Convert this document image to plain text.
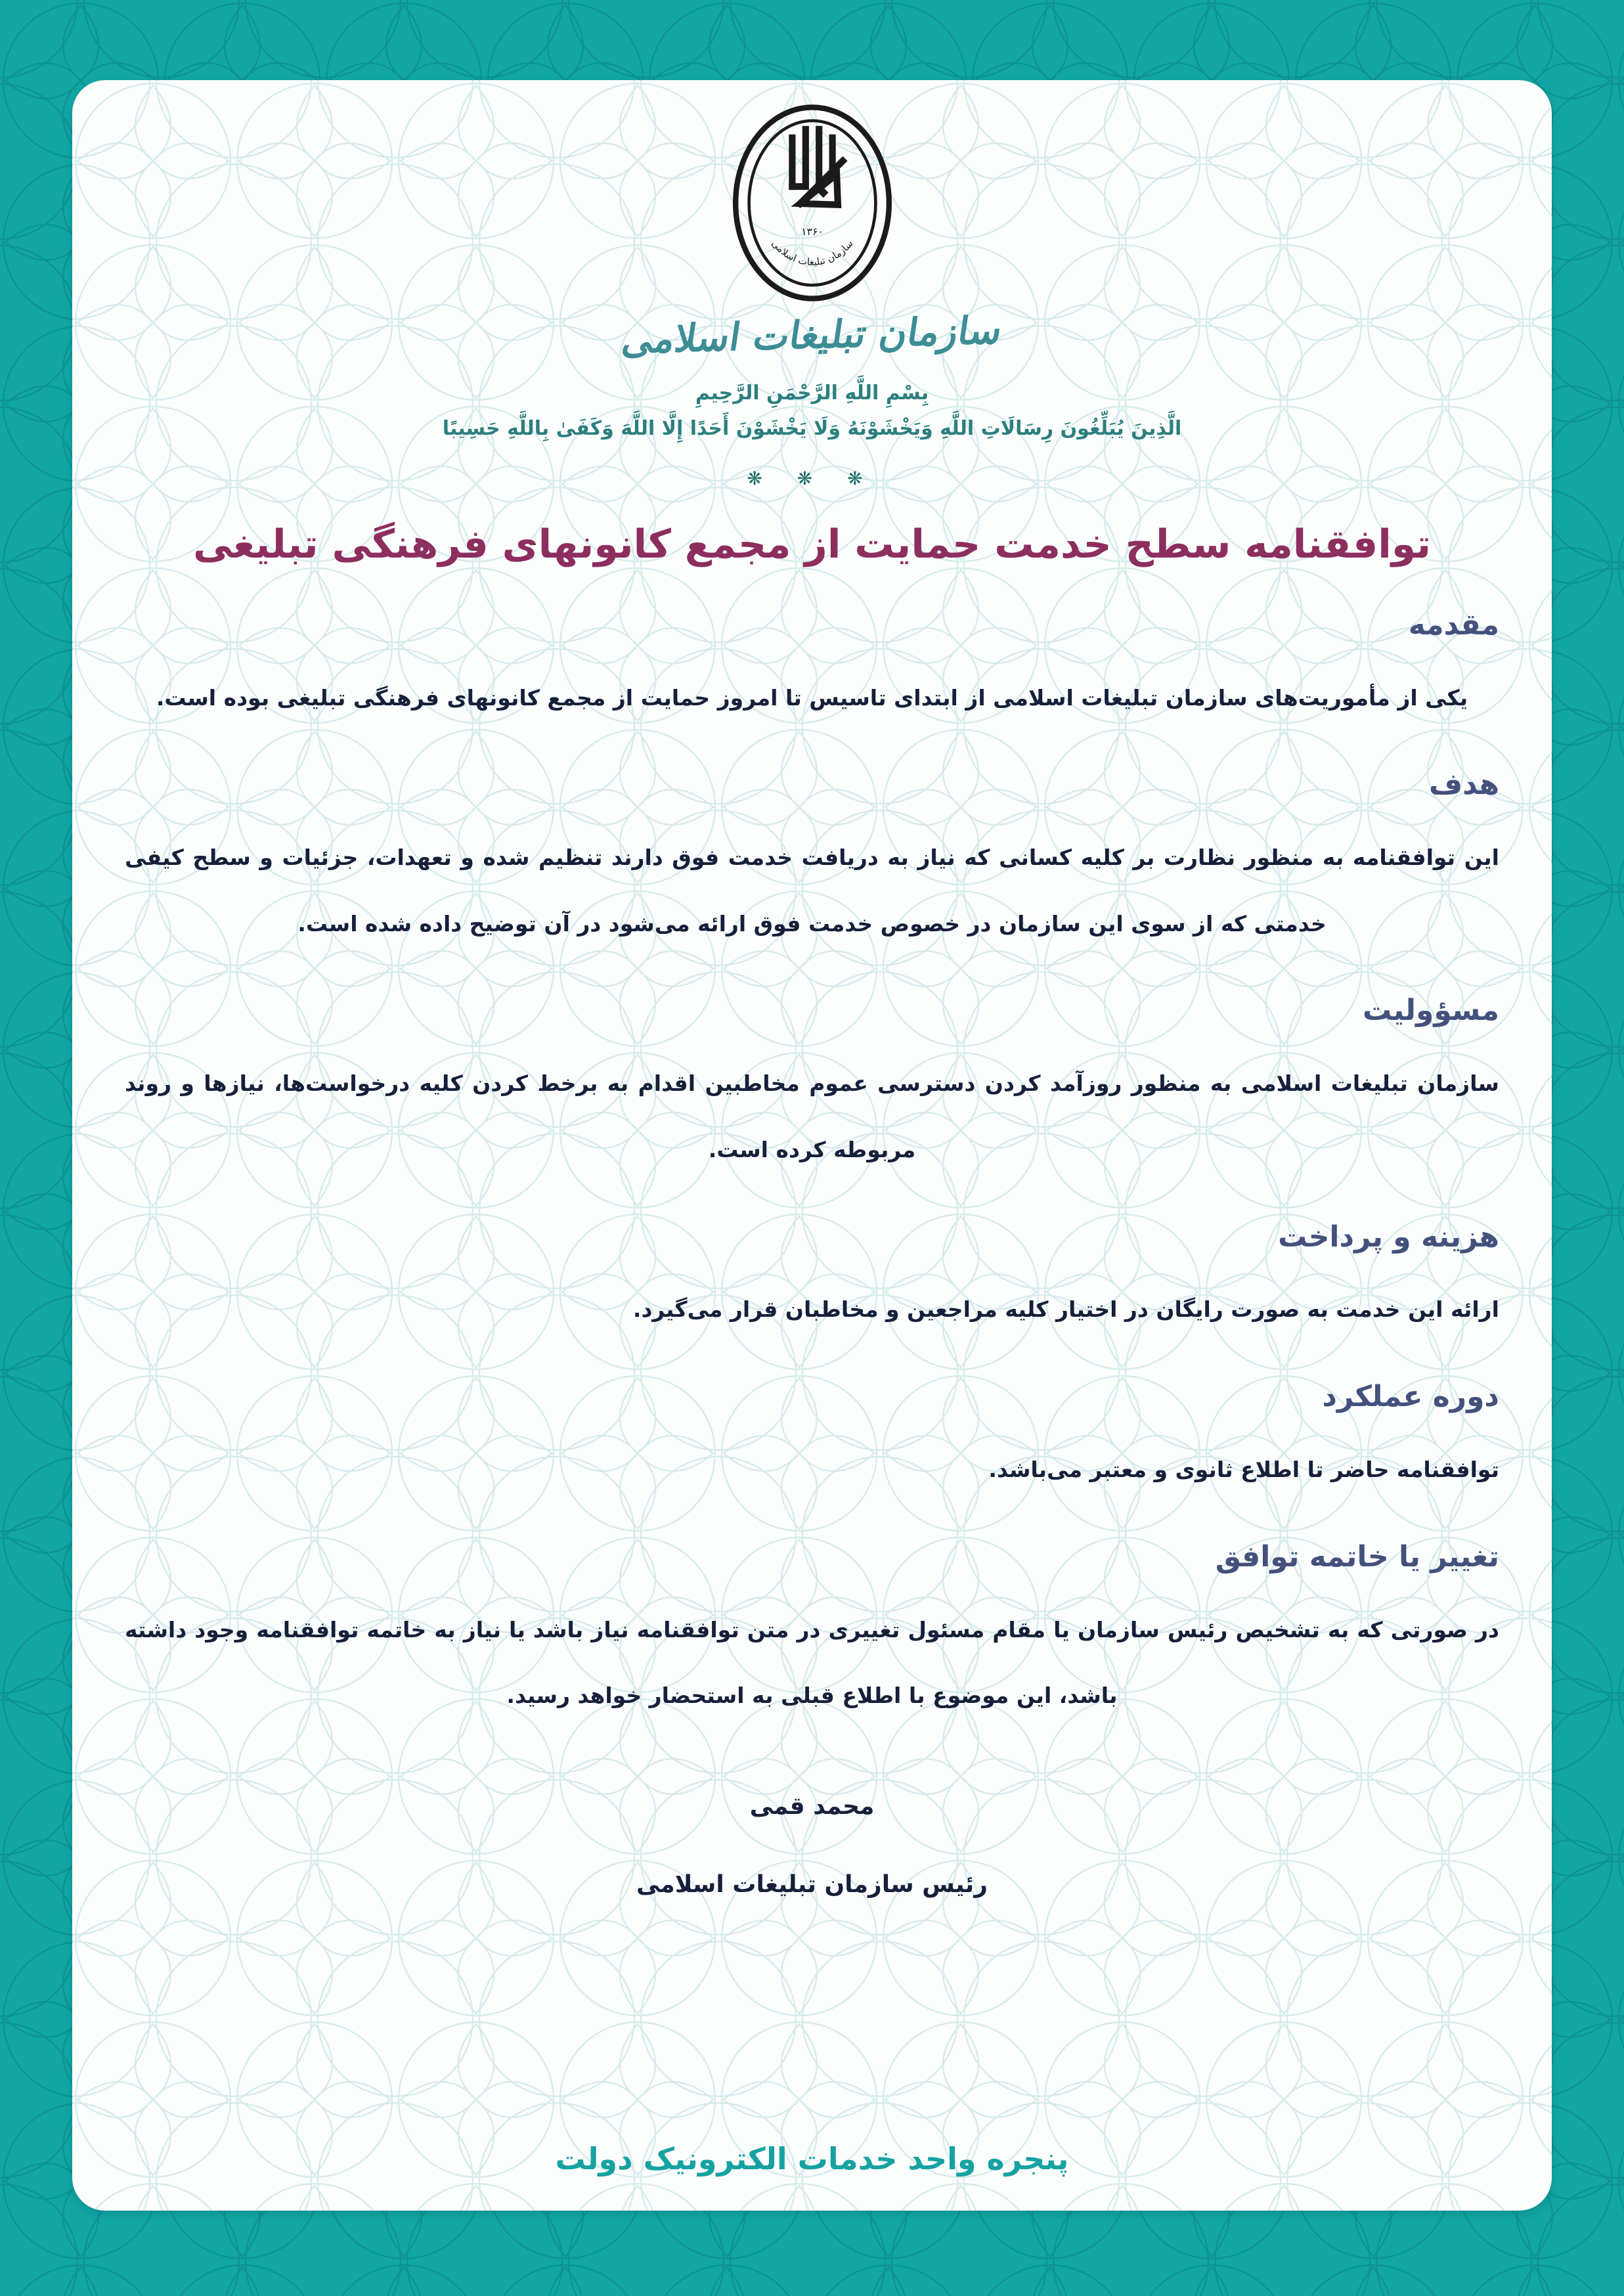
۱۳۶۰
سازمان تبلیغات اسلامی
سازمان تبلیغات اسلامی
بِسْمِ اللَّهِ الرَّحْمَنِ الرَّحِيمِ
الَّذِينَ يُبَلِّغُونَ رِسَالَاتِ اللَّهِ وَيَخْشَوْنَهُ وَلَا يَخْشَوْنَ أَحَدًا إِلَّا اللَّهَ وَكَفَىٰ بِاللَّهِ حَسِيبًا
❋ ❋ ❋
توافقنامه سطح خدمت حمایت از مجمع کانونهای فرهنگی تبلیغی
مقدمه

یکی از مأموریت‌های سازمان تبلیغات اسلامی از ابتدای تاسیس تا امروز حمایت از مجمع کانونهای فرهنگی تبلیغی بوده است.

هدف

این توافقنامه به منظور نظارت بر کلیه کسانی که نیاز به دریافت خدمت فوق دارند تنظیم شده و تعهدات، جزئیات و سطح کیفی خدمتی که از سوی این سازمان در خصوص خدمت فوق ارائه می‌شود در آن توضیح داده شده است.

مسؤولیت

سازمان تبلیغات اسلامی به منظور روزآمد کردن دسترسی عموم مخاطبین اقدام به برخط کردن کلیه درخواست‌ها، نیازها و روند مربوطه کرده است.

هزینه و پرداخت

ارائه این خدمت به صورت رایگان در اختیار کلیه مراجعین و مخاطبان قرار می‌گیرد.

دوره عملکرد

توافقنامه حاضر تا اطلاع ثانوی و معتبر می‌باشد.

تغییر یا خاتمه توافق

در صورتی که به تشخیص رئیس سازمان یا مقام مسئول تغییری در متن توافقنامه نیاز باشد یا نیاز به خاتمه توافقنامه وجود داشته باشد، این موضوع با اطلاع قبلی به استحضار خواهد رسید.

محمد قمی
رئیس سازمان تبلیغات اسلامی
پنجره واحد خدمات الکترونیک دولت
